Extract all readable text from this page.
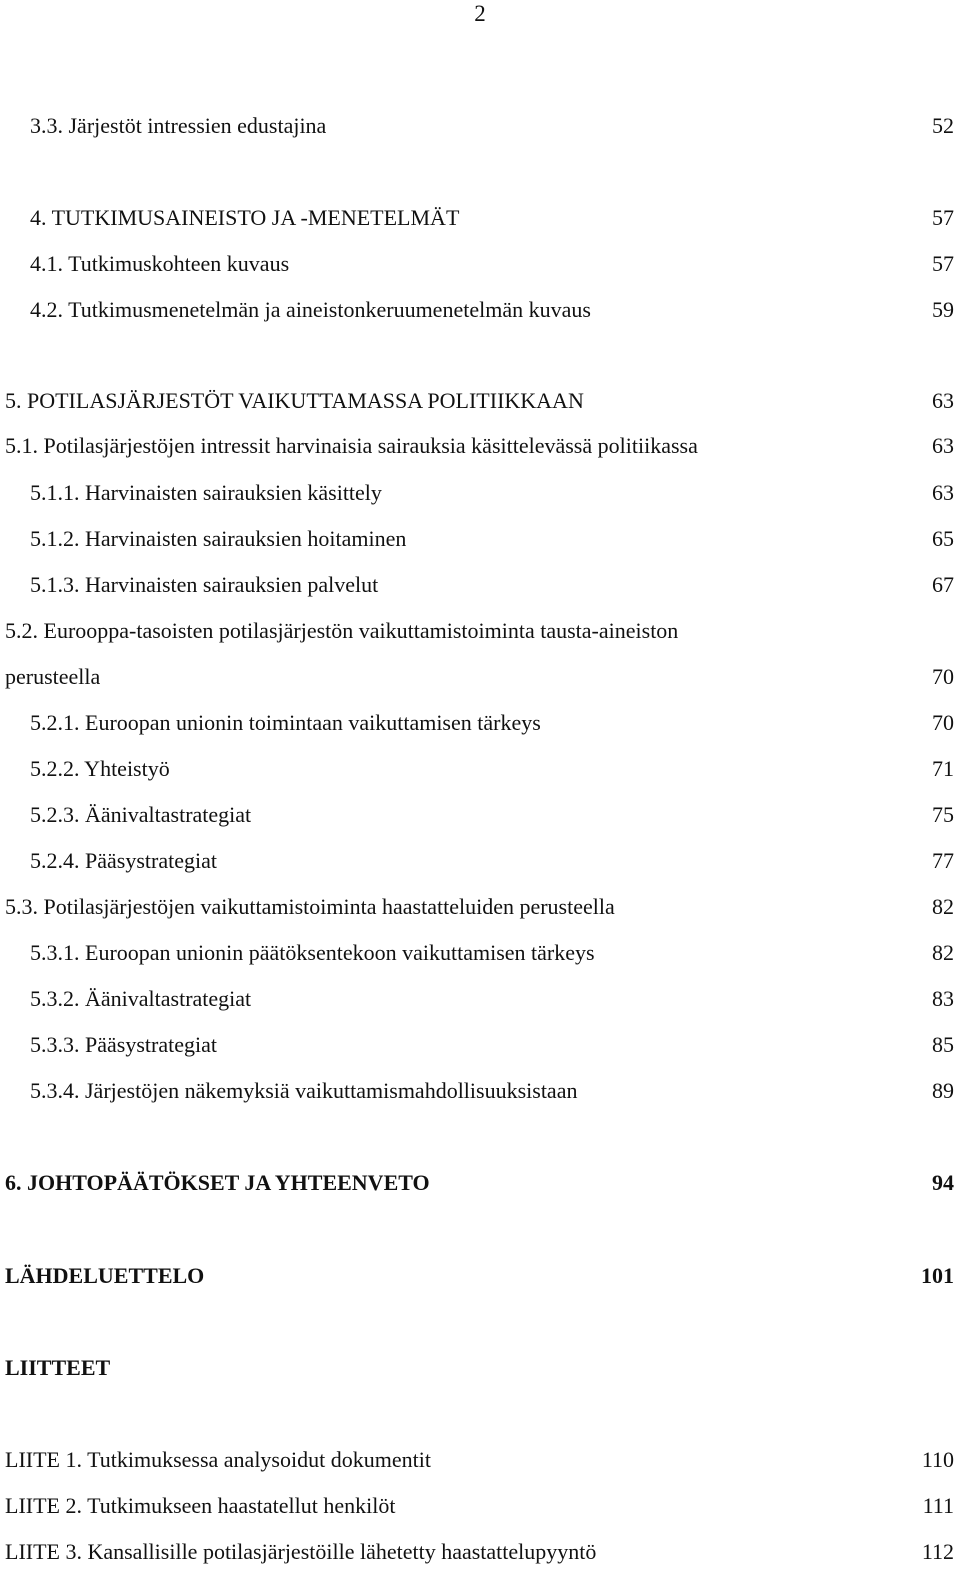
2
3.3. Järjestöt intressien edustajina	52
4. TUTKIMUSAINEISTO JA -MENETELMÄT	57
4.1. Tutkimuskohteen kuvaus	57
4.2. Tutkimusmenetelmän ja aineistonkeruumenetelmän kuvaus	59
5. POTILASJÄRJESTÖT VAIKUTTAMASSA POLITIIKKAAN	63
5.1. Potilasjärjestöjen intressit harvinaisia sairauksia käsittelevässä politiikassa	63
5.1.1. Harvinaisten sairauksien käsittely	63
5.1.2. Harvinaisten sairauksien hoitaminen	65
5.1.3. Harvinaisten sairauksien palvelut	67
5.2. Eurooppa-tasoisten potilasjärjestön vaikuttamistoiminta tausta-aineiston
perusteella	70
5.2.1. Euroopan unionin toimintaan vaikuttamisen tärkeys	70
5.2.2. Yhteistyö	71
5.2.3. Äänivaltastrategiat	75
5.2.4. Pääsystrategiat	77
5.3. Potilasjärjestöjen vaikuttamistoiminta haastatteluiden perusteella	82
5.3.1. Euroopan unionin päätöksentekoon vaikuttamisen tärkeys	82
5.3.2. Äänivaltastrategiat	83
5.3.3. Pääsystrategiat	85
5.3.4. Järjestöjen näkemyksiä vaikuttamismahdollisuuksistaan	89
6. JOHTOPÄÄTÖKSET JA YHTEENVETO	94
LÄHDELUETTELO	101
LIITTEET
LIITE 1. Tutkimuksessa analysoidut dokumentit	110
LIITE 2. Tutkimukseen haastatellut henkilöt	111
LIITE 3. Kansallisille potilasjärjestöille lähetetty haastattelupyyntö	112
